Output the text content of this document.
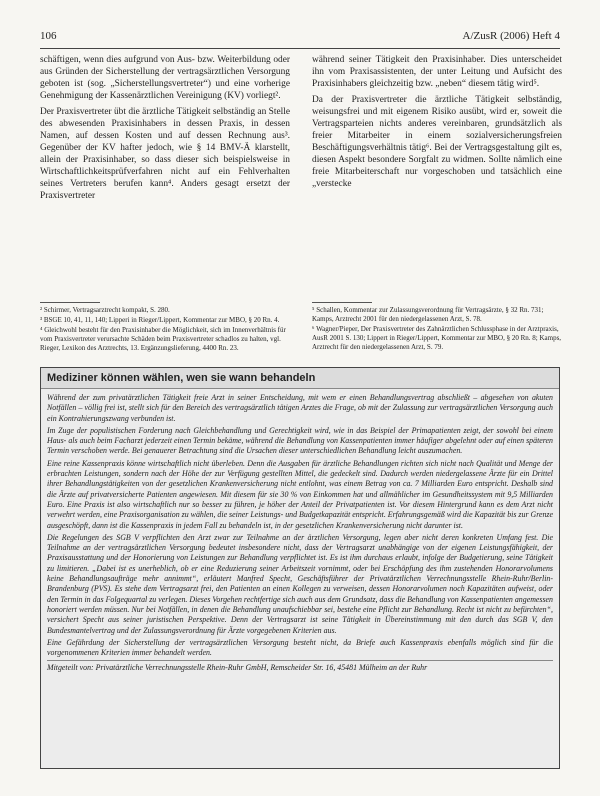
106	A/ZusR (2006) Heft 4

schäftigen, wenn dies aufgrund von Aus- bzw. Weiterbildung oder aus Gründen der Sicherstellung der vertragsärztlichen Versorgung geboten ist (sog. „Sicherstellungsvertreter“) und eine vorherige Genehmigung der Kassenärztlichen Vereinigung (KV) vorliegt².

Der Praxisvertreter übt die ärztliche Tätigkeit selbständig an Stelle des abwesenden Praxisinhabers in dessen Praxis, in dessen Namen, auf dessen Kosten und auf dessen Rechnung aus³. Gegenüber der KV hafter jedoch, wie § 14 BMV-Ä klarstellt, allein der Praxisinhaber, so dass dieser sich beispielsweise in Wirtschaftlichkeitsprüfverfahren nicht auf ein Fehlverhalten seines Vertreters berufen kann⁴. Anders gesagt ersetzt der Praxisvertreter

während seiner Tätigkeit den Praxisinhaber. Dies unterscheidet ihn vom Praxisassistenten, der unter Leitung und Aufsicht des Praxisinhabers gleichzeitig bzw. „neben“ diesem tätig wird⁵.

Da der Praxisvertreter die ärztliche Tätigkeit selbständig, weisungsfrei und mit eigenem Risiko ausübt, wird er, soweit die Vertragsparteien nichts anderes vereinbaren, grundsätzlich als freier Mitarbeiter in einem sozialversicherungsfreien Beschäftigungsverhältnis tätig⁶. Bei der Vertragsgestaltung gilt es, diesen Aspekt besondere Sorgfalt zu widmen. Sollte nämlich eine freie Mitarbeiterschaft nur vorgeschoben und tatsächlich eine „verstecke

² Schirmer, Vertragsarztrecht kompakt, S. 280.
³ BSGE 10, 41, 11, 140; Lipperi in Rieger/Lippert, Kommentar zur MBO, § 20 Rn. 4.
⁴ Gleichwohl besteht für den Praxisinhaber die Möglichkeit, sich im Innenverhältnis für vom Praxisvertreter verursachte Schäden beim Praxisvertreter schadlos zu halten, vgl. Rieger, Lexikon des Arztrechts, 13. Ergänzungslieferung, 4400 Rn. 23.
⁵ Schallen, Kommentar zur Zulassungsverordnung für Vertragsärzte, § 32 Rn. 731; Kamps, Arztrecht 2001 für den niedergelassenen Arzt, S. 78.
⁶ Wagner/Pieper, Der Praxisvertreter des Zahnärztlichen Schlussphase in der Arztpraxis, AusR 2001 S. 130; Lippert in Rieger/Lippert, Kommentar zur MBO, § 20 Rn. 8; Kamps, Arztrecht für den niedergelassenen Arzt, S. 79.
Mediziner können wählen, wen sie wann behandeln

Während der zum privatärztlichen Tätigkeit freie Arzt in seiner Entscheidung, mit wem er einen Behandlungsvertrag abschließt – abgesehen von akuten Notfällen – völlig frei ist, stellt sich für den Bereich des vertragsärztlich tätigen Arztes die Frage, ob mit der Zulassung zur vertragsärztlichen Versorgung auch ein Kontrahierungszwang verbunden ist.

Im Zuge der populistischen Forderung nach Gleichbehandlung und Gerechtigkeit wird, wie in das Beispiel der Primapatienten zeigt, der sowohl bei einem Haus- als auch beim Facharzt jederzeit einen Termin bekäme, während die Behandlung von Kassenpatienten immer häufiger abgelehnt oder auf einen späteren Termin verschoben werde. Bei genauerer Betrachtung sind die Ursachen dieser unterschiedlichen Behandlung leicht auszumachen.

Eine reine Kassenpraxis könne wirtschaftlich nicht überleben. Denn die Ausgaben für ärztliche Behandlungen richten sich nicht nach Qualität und Menge der erbrachten Leistungen, sondern nach der Höhe der zur Verfügung gestellten Mittel, die gedeckelt sind. Dadurch werden niedergelassene Ärzte für ein Drittel ihrer Behandlungstätigkeiten von der gesetzlichen Krankenversicherung nicht entlohnt, was einem Betrag von ca. 7 Milliarden Euro entspricht. Deshalb sind die Ärzte auf privatversicherte Patienten angewiesen. Mit diesem für sie 30 % von Einkommen hat und allmählicher im Gesundheitssystem mit 9,5 Milliarden Euro. Eine Praxis ist also wirtschaftlich nur so besser zu führen, je höher der Anteil der Privatpatienten ist. Vor diesem Hintergrund kann es dem Arzt nicht verwehrt werden, eine Praxisorganisation zu wählen, die seiner Leistungs- und Budgetkapazität entspricht. Erfahrungsgemäß wird die Kapazität bis zur Grenze ausgeschöpft, dann ist die Kassenpraxis in jedem Fall zu behandeln ist, in der gesetzlichen Krankenversicherung nicht darunter ist.

Die Regelungen des SGB V verpflichten den Arzt zwar zur Teilnahme an der ärztlichen Versorgung, legen aber nicht deren konkreten Umfang fest. Die Teilnahme an der vertragsärztlichen Versorgung bedeutet insbesondere nicht, dass der Vertragsarzt unabhängige von der eigenen Leistungsfähigkeit, der Praxisausstattung und der Honorierung von Leistungen zur Behandlung verpflichtet ist. Es ist ihm durchaus erlaubt, infolge der Budgetierung, seine Tätigkeit zu limitieren. „Dabei ist es unerheblich, ob er eine Reduzierung seiner Arbeitszeit vornimmt, oder bei Erschöpfung des ihm zustehenden Honorarvolumens keine Behandlungsaufträge mehr annimmt“, erläutert Manfred Specht, Geschäftsführer der Privatärztlichen Verrechnungsstelle Rhein-Ruhr/Berlin-Brandenburg (PVS). Es stehe dem Vertragsarzt frei, den Patienten an einen Kollegen zu verweisen, dessen Honorarvolumen noch Kapazitäten aufweist, oder den Termin in das Folgequartal zu verlegen. Dieses Vorgehen rechtfertige sich auch aus dem Grundsatz, dass die Behandlung von Kassenpatienten angemessen honoriert werden müssen. Nur bei Notfällen, in denen die Behandlung unaufschiebbar sei, bestehe eine Pflicht zur Behandlung. Recht ist nicht zu befürchten“, versichert Specht aus seiner juristischen Perspektive. Denn der Vertragsarzt ist seine Tätigkeit in Übereinstimmung mit den durch das SGB V, den Bundesmantelvertrag und der Zulassungsverordnung für Ärzte vorgegebenen Kriterien aus.

Eine Gefährdung der Sicherstellung der vertragsärztlichen Versorgung besteht nicht, da Briefe auch Kassenpraxis ebenfalls möglich sind für die vorgenommenen Kriterien immer behandelt werden.

Mitgeteilt von: Privatärztliche Verrechnungsstelle Rhein-Ruhr GmbH, Remscheider Str. 16, 45481 Mülheim an der Ruhr
